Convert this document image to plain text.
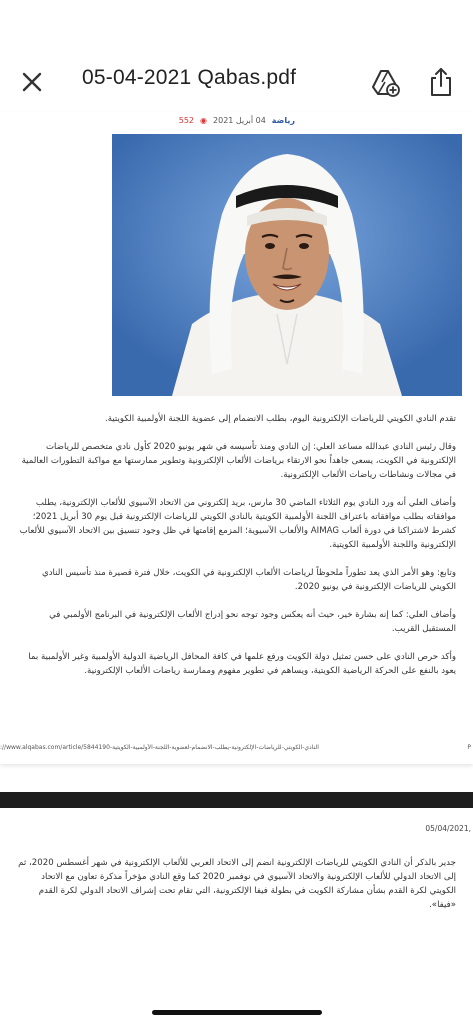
05-04-2021 Qabas.pdf
رياضة
04 أبريل 2021
◉
552

تقدم النادي الكويتي للرياضات الإلكترونية اليوم، بطلب الانضمام إلى عضوية اللجنة الأولمبية الكويتية.

وقال رئيس النادي عبدالله مساعد العلي: إن النادي ومنذ تأسيسه في شهر يونيو 2020 كأول نادي متخصص للرياضات الإلكترونية في الكويت، يسعى جاهداً نحو الارتقاء برياضات الألعاب الإلكترونية وتطوير ممارستها مع مواكبة التطورات العالمية في مجالات ونشاطات رياضات الألعاب الإلكترونية.

وأضاف العلي أنه ورد النادي يوم الثلاثاء الماضي 30 مارس، بريد إلكتروني من الاتحاد الآسيوي للألعاب الإلكترونية، يطلب موافقاته بطلب موافقاته باعتراف اللجنة الأولمبية الكويتية بالنادي الكويتي للرياضات الإلكترونية قبل يوم 30 أبريل 2021؛ كشرط لاشتراكنا في دورة ألعاب AIMAG والألعاب الآسيوية؛ المزمع إقامتها في ظل وجود تنسيق بين الاتحاد الآسيوي للألعاب الإلكترونية واللجنة الأولمبية الكويتية.

وتابع: وهو الأمر الذي يعد تطوراً ملحوظاً لرياضات الألعاب الإلكترونية في الكويت، خلال فترة قصيرة منذ تأسيس النادي الكويتي للرياضات الإلكترونية في يونيو 2020.

وأضاف العلي: كما إنه بشارة خير، حيث أنه يعكس وجود توجه نحو إدراج الألعاب الإلكترونية في البرنامج الأولمبي في المستقبل القريب.

وأكد حرص النادي على حسن تمثيل دولة الكويت ورفع علمها في كافة المحافل الرياضية الدولية الأولمبية وغير الأولمبية بما يعود بالنفع على الحركة الرياضية الكويتية، ويساهم في تطوير مفهوم وممارسة رياضات الألعاب الإلكترونية.

://www.alqabas.com/article/5844190-النادي-الكويتي-للرياضات-الإلكترونية-يطلب-الانضمام-لعضوية-اللجنة-الأولمبية-الكويتية	P
05/04/2021,
جدير بالذكر أن النادي الكويتي للرياضات الإلكترونية انضم إلى الاتحاد العربي للألعاب الإلكترونية في شهر أغسطس 2020، ثم إلى الاتحاد الدولي للألعاب الإلكترونية والاتحاد الآسيوي في نوفمبر 2020 كما وقع النادي مؤخراً مذكرة تعاون مع الاتحاد الكويتي لكرة القدم بشأن مشاركة الكويت في بطولة فيفا الإلكترونية، التي تقام تحت إشراف الاتحاد الدولي لكرة القدم «فيفا».
